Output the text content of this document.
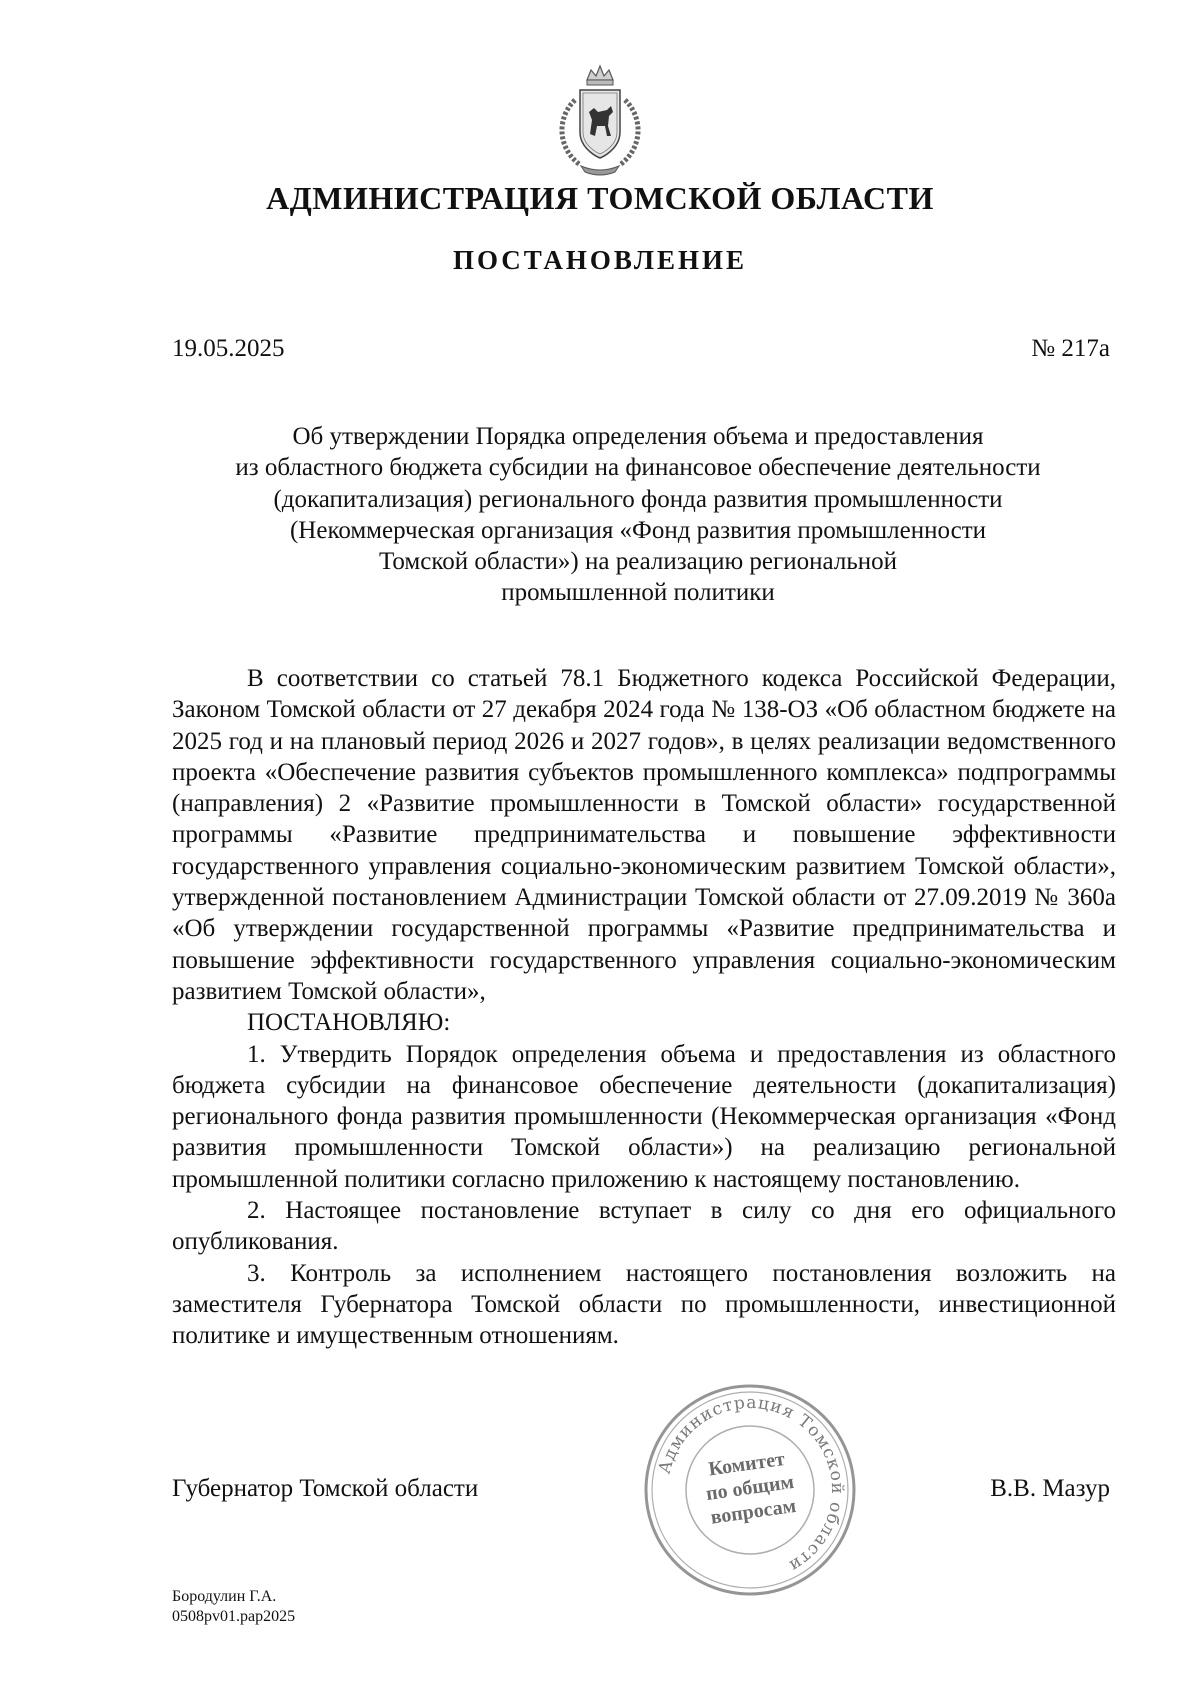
АДМИНИСТРАЦИЯ ТОМСКОЙ ОБЛАСТИ
ПОСТАНОВЛЕНИЕ
19.05.2025	№ 217а
Об утверждении Порядка определения объема и предоставления
из областного бюджета субсидии на финансовое обеспечение деятельности
(докапитализация) регионального фонда развития промышленности
(Некоммерческая организация «Фонд развития промышленности
Томской области») на реализацию региональной
промышленной политики

В соответствии со статьей 78.1 Бюджетного кодекса Российской Федерации, Законом Томской области от 27 декабря 2024 года № 138-ОЗ «Об областном бюджете на 2025 год и на плановый период 2026 и 2027 годов», в целях реализации ведомственного проекта «Обеспечение развития субъектов промышленного комплекса» подпрограммы (направления) 2 «Развитие промышленности в Томской области» государственной программы «Развитие предпринимательства и повышение эффективности государственного управления социально-экономическим развитием Томской области», утвержденной постановлением Администрации Томской области от 27.09.2019 № 360а «Об утверждении государственной программы «Развитие предпринимательства и повышение эффективности государственного управления социально-экономическим развитием Томской области»,

ПОСТАНОВЛЯЮ:

1. Утвердить Порядок определения объема и предоставления из областного бюджета субсидии на финансовое обеспечение деятельности (докапитализация) регионального фонда развития промышленности (Некоммерческая организация «Фонд развития промышленности Томской области») на реализацию региональной промышленной политики согласно приложению к настоящему постановлению.

2. Настоящее постановление вступает в силу со дня его официального опубликования.

3. Контроль за исполнением настоящего постановления возложить на заместителя Губернатора Томской области по промышленности, инвестиционной политике и имущественным отношениям.

Губернатор Томской области	В.В. Мазур
Администрация Томской области
Комитет
по общим
вопросам
Бородулин Г.А.
0508рv01.рар2025
